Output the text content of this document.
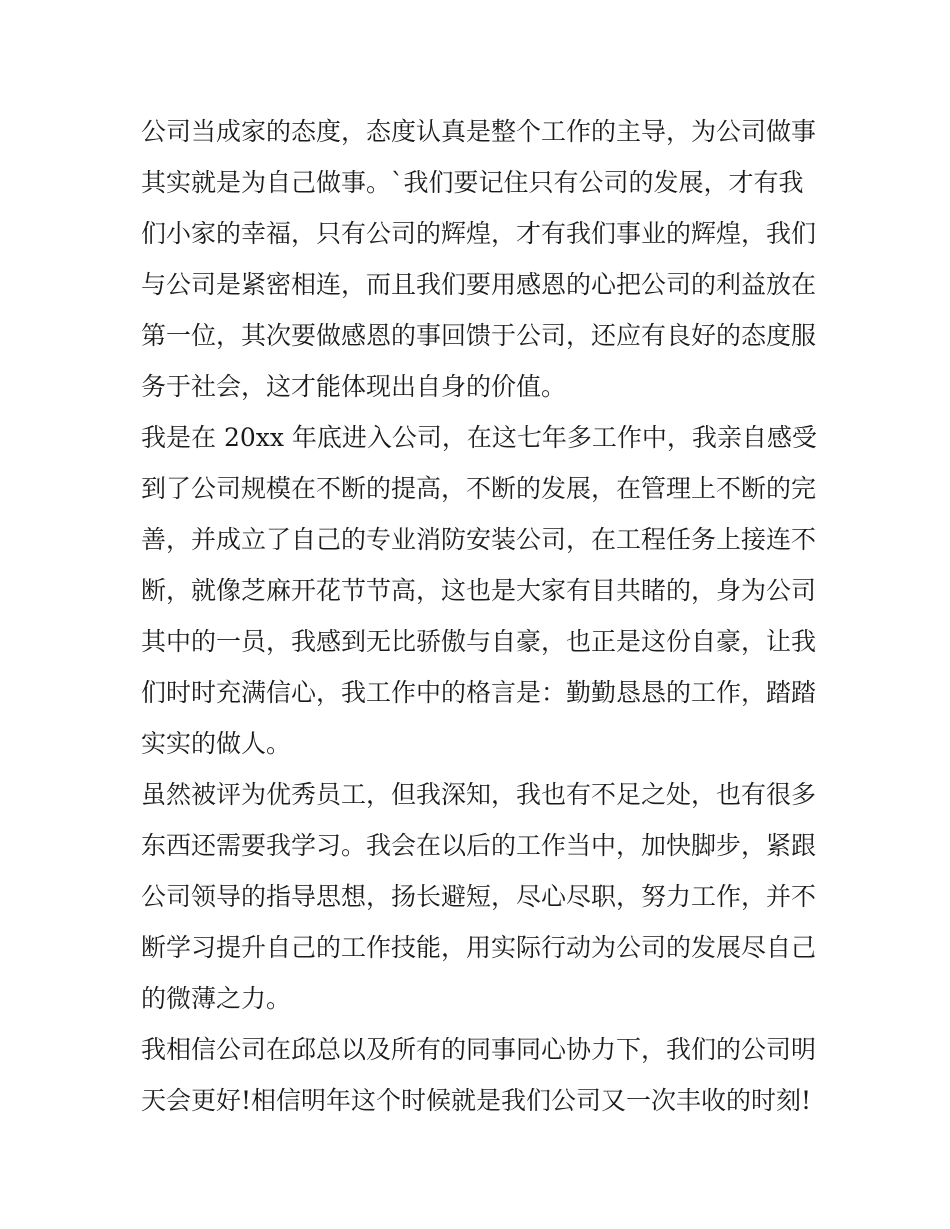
公司当成家的态度，态度认真是整个工作的主导，为公司做事
其实就是为自己做事。`我们要记住只有公司的发展，才有我
们小家的幸福，只有公司的辉煌，才有我们事业的辉煌，我们
与公司是紧密相连，而且我们要用感恩的心把公司的利益放在
第一位，其次要做感恩的事回馈于公司，还应有良好的态度服
务于社会，这才能体现出自身的价值。
我是在 20xx 年底进入公司，在这七年多工作中，我亲自感受
到了公司规模在不断的提高，不断的发展，在管理上不断的完
善，并成立了自己的专业消防安装公司，在工程任务上接连不
断，就像芝麻开花节节高，这也是大家有目共睹的，身为公司
其中的一员，我感到无比骄傲与自豪，也正是这份自豪，让我
们时时充满信心，我工作中的格言是：勤勤恳恳的工作，踏踏
实实的做人。
虽然被评为优秀员工，但我深知，我也有不足之处，也有很多
东西还需要我学习。我会在以后的工作当中，加快脚步，紧跟
公司领导的指导思想，扬长避短，尽心尽职，努力工作，并不
断学习提升自己的工作技能，用实际行动为公司的发展尽自己
的微薄之力。
我相信公司在邱总以及所有的同事同心协力下，我们的公司明
天会更好!相信明年这个时候就是我们公司又一次丰收的时刻!
